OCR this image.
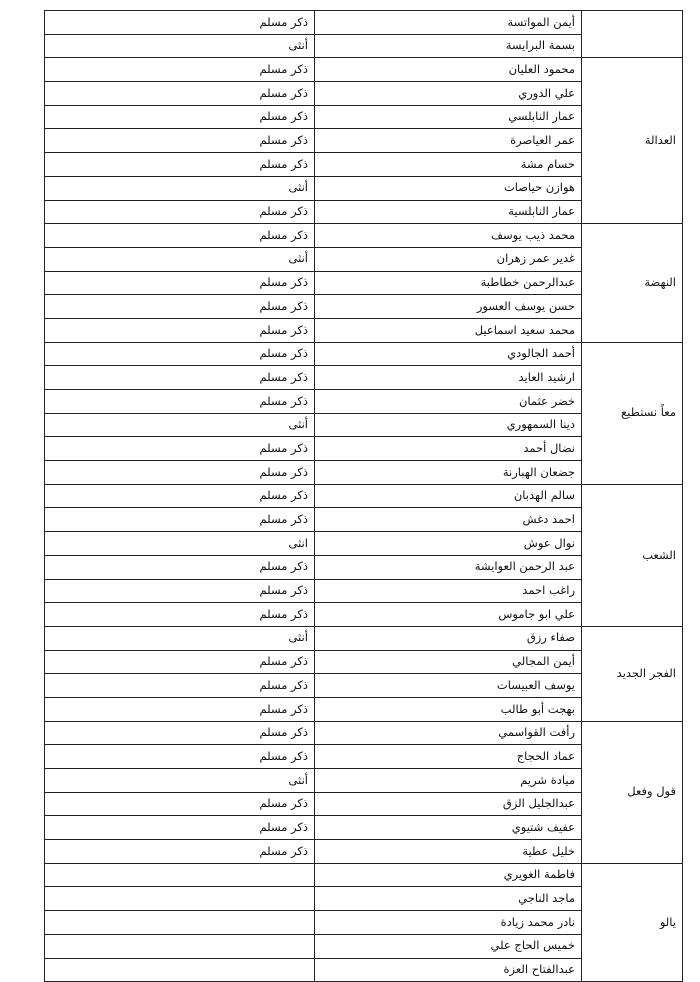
ذكر مسلم	أيمن المواتسة	
أنثى	بسمة البرايسة	
ذكر مسلم	محمود العليان	العدالة
ذكر مسلم	علي الدوري	
ذكر مسلم	عمار النابلسي	
ذكر مسلم	عمر العياصرة	
ذكر مسلم	حسام مشة	
أنثى	هوازن حياصات	
ذكر مسلم	عمار النابلسية	
ذكر مسلم	محمد ذيب يوسف	النهضة
أنثى	غدير عمر زهران	
ذكر مسلم	عبدالرحمن خطاطبة	
ذكر مسلم	حسن يوسف العسور	
ذكر مسلم	محمد سعيد اسماعيل	
ذكر مسلم	أحمد الجالودي	معاً نستطيع
ذكر مسلم	ارشيد العايد	
ذكر مسلم	خضر عثمان	
أنثى	دينا السمهوري	
ذكر مسلم	نضال أحمد	
ذكر مسلم	جضعان الهبارنة	
ذكر مسلم	سالم الهدبان	الشعب
ذكر مسلم	احمد دغش	
انثى	نوال عوش	
ذكر مسلم	عبد الرحمن العوايشة	
ذكر مسلم	راغب احمد	
ذكر مسلم	علي ابو جاموس	
أنثى	صفاء رزق	الفجر الجديد
ذكر مسلم	أيمن المجالي	
ذكر مسلم	يوسف العبيسات	
ذكر مسلم	بهجت أبو طالب	
ذكر مسلم	رأفت القواسمي	قول وفعل
ذكر مسلم	عماد الحجاج	
أنثى	ميادة شريم	
ذكر مسلم	عبدالجليل الزق	
ذكر مسلم	عفيف شتيوي	
ذكر مسلم	خليل عطية	
	فاطمة الغويري	يالو
	ماجد الناجي	
	نادر محمد زيادة	
	خميس الحاج علي	
	عبدالفتاح العزة	
